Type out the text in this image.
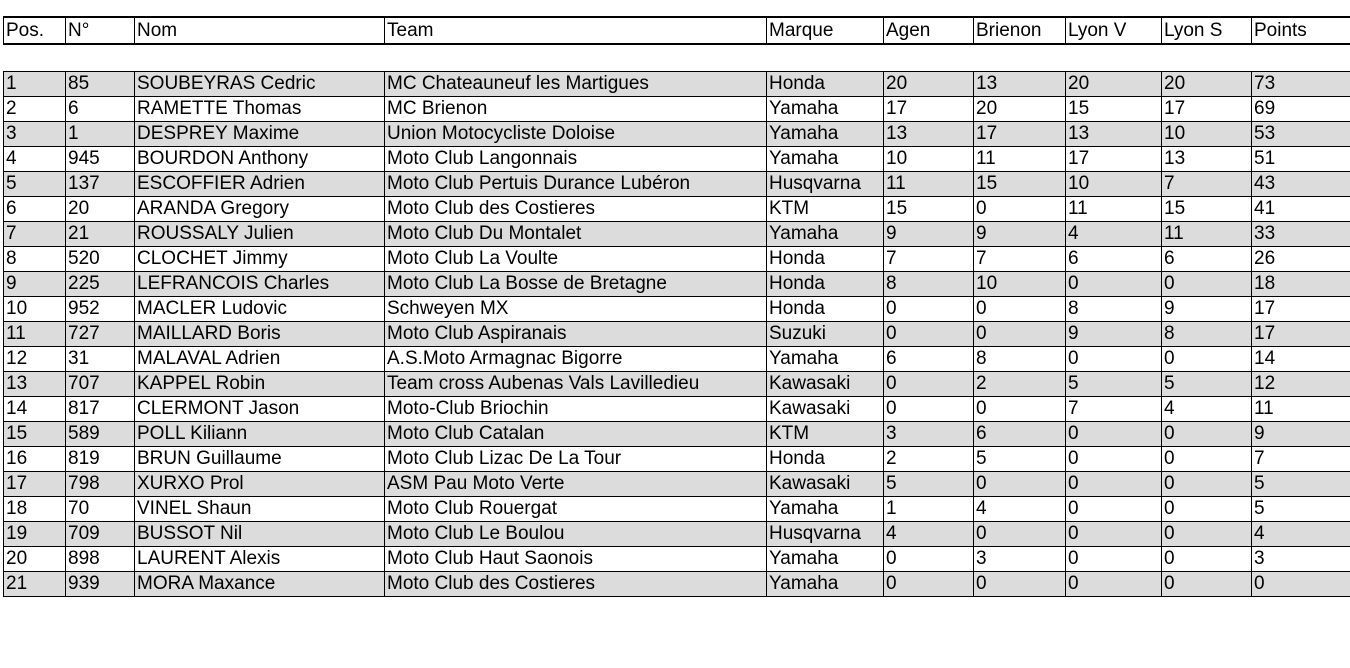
Pos.	N°	Nom	Team	Marque	Agen	Brienon	Lyon V	Lyon S	Points

1	85	SOUBEYRAS Cedric	MC Chateauneuf les Martigues	Honda	20	13	20	20	73
2	6	RAMETTE Thomas	MC Brienon	Yamaha	17	20	15	17	69
3	1	DESPREY Maxime	Union Motocycliste Doloise	Yamaha	13	17	13	10	53
4	945	BOURDON Anthony	Moto Club Langonnais	Yamaha	10	11	17	13	51
5	137	ESCOFFIER Adrien	Moto Club Pertuis Durance Lubéron	Husqvarna	11	15	10	7	43
6	20	ARANDA Gregory	Moto Club des Costieres	KTM	15	0	11	15	41
7	21	ROUSSALY Julien	Moto Club Du Montalet	Yamaha	9	9	4	11	33
8	520	CLOCHET Jimmy	Moto Club La Voulte	Honda	7	7	6	6	26
9	225	LEFRANCOIS Charles	Moto Club La Bosse de Bretagne	Honda	8	10	0	0	18
10	952	MACLER Ludovic	Schweyen MX	Honda	0	0	8	9	17
11	727	MAILLARD Boris	Moto Club Aspiranais	Suzuki	0	0	9	8	17
12	31	MALAVAL Adrien	A.S.Moto Armagnac Bigorre	Yamaha	6	8	0	0	14
13	707	KAPPEL Robin	Team cross Aubenas Vals Lavilledieu	Kawasaki	0	2	5	5	12
14	817	CLERMONT Jason	Moto-Club Briochin	Kawasaki	0	0	7	4	11
15	589	POLL Kiliann	Moto Club Catalan	KTM	3	6	0	0	9
16	819	BRUN Guillaume	Moto Club Lizac De La Tour	Honda	2	5	0	0	7
17	798	XURXO Prol	ASM Pau Moto Verte	Kawasaki	5	0	0	0	5
18	70	VINEL Shaun	Moto Club Rouergat	Yamaha	1	4	0	0	5
19	709	BUSSOT Nil	Moto Club Le Boulou	Husqvarna	4	0	0	0	4
20	898	LAURENT Alexis	Moto Club Haut Saonois	Yamaha	0	3	0	0	3
21	939	MORA Maxance	Moto Club des Costieres	Yamaha	0	0	0	0	0
